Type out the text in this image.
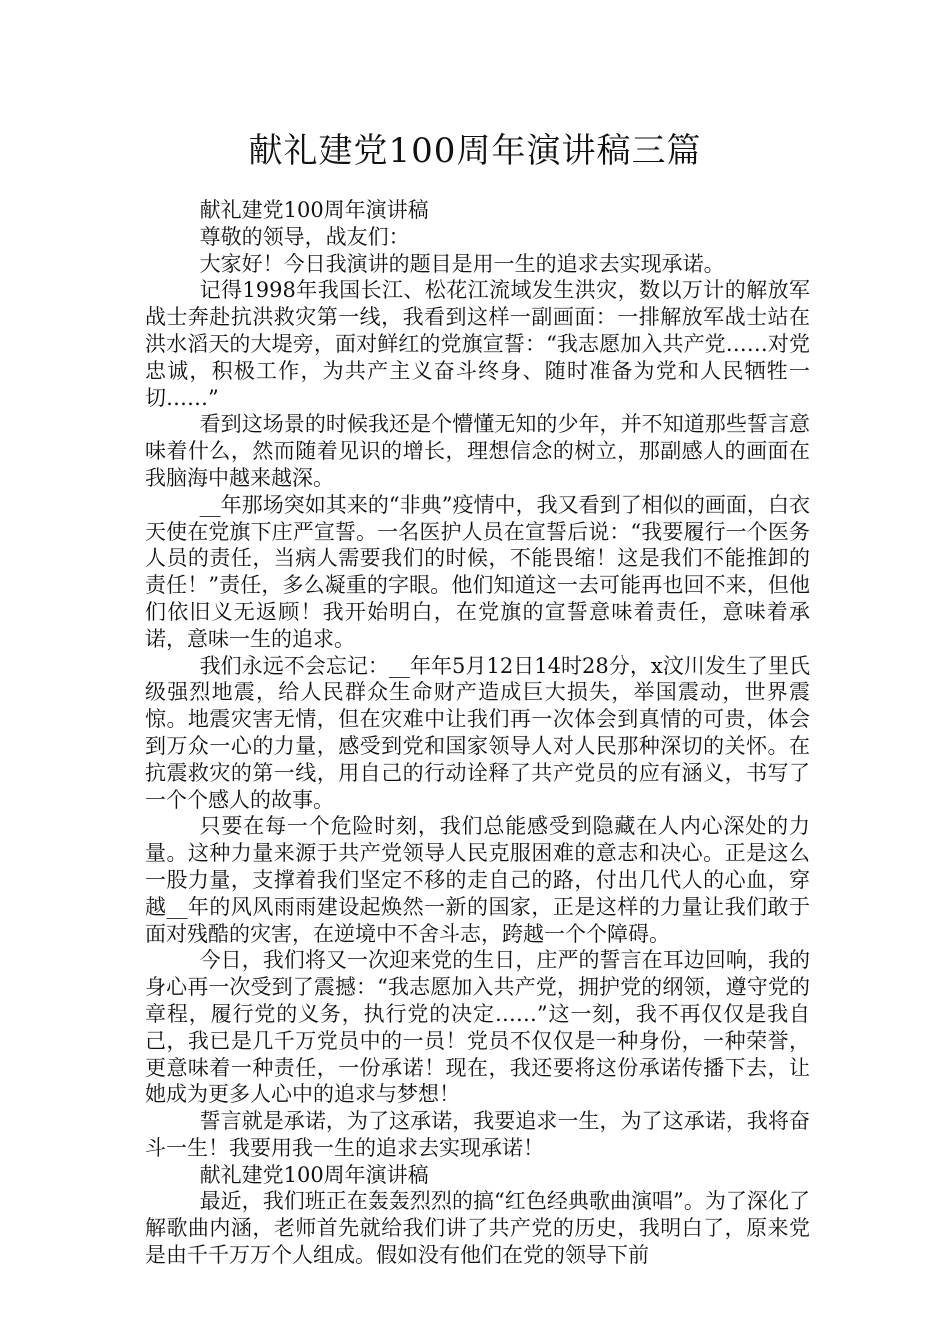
献礼建党100周年演讲稿三篇

献礼建党100周年演讲稿

尊敬的领导，战友们：

大家好！今日我演讲的题目是用一生的追求去实现承诺。

记得1998年我国长江、松花江流域发生洪灾，数以万计的解放军战士奔赴抗洪救灾第一线，我看到这样一副画面：一排解放军战士站在洪水滔天的大堤旁，面对鲜红的党旗宣誓：“我志愿加入共产党……对党忠诚，积极工作，为共产主义奋斗终身、随时准备为党和人民牺牲一切……”

看到这场景的时候我还是个懵懂无知的少年，并不知道那些誓言意味着什么，然而随着见识的增长，理想信念的树立，那副感人的画面在我脑海中越来越深。

__年那场突如其来的“非典”疫情中，我又看到了相似的画面，白衣天使在党旗下庄严宣誓。一名医护人员在宣誓后说：“我要履行一个医务人员的责任，当病人需要我们的时候，不能畏缩！这是我们不能推卸的责任！”责任，多么凝重的字眼。他们知道这一去可能再也回不来，但他们依旧义无返顾！我开始明白，在党旗的宣誓意味着责任，意味着承诺，意味一生的追求。

我们永远不会忘记：__年年5月12日14时28分，x汶川发生了里氏级强烈地震，给人民群众生命财产造成巨大损失，举国震动，世界震惊。地震灾害无情，但在灾难中让我们再一次体会到真情的可贵，体会到万众一心的力量，感受到党和国家领导人对人民那种深切的关怀。在抗震救灾的第一线，用自己的行动诠释了共产党员的应有涵义，书写了一个个感人的故事。

只要在每一个危险时刻，我们总能感受到隐藏在人内心深处的力量。这种力量来源于共产党领导人民克服困难的意志和决心。正是这么一股力量，支撑着我们坚定不移的走自己的路，付出几代人的心血，穿越__年的风风雨雨建设起焕然一新的国家，正是这样的力量让我们敢于面对残酷的灾害，在逆境中不舍斗志，跨越一个个障碍。

今日，我们将又一次迎来党的生日，庄严的誓言在耳边回响，我的身心再一次受到了震撼：“我志愿加入共产党，拥护党的纲领，遵守党的章程，履行党的义务，执行党的决定……”这一刻，我不再仅仅是我自己，我已是几千万党员中的一员！党员不仅仅是一种身份，一种荣誉，更意味着一种责任，一份承诺！现在，我还要将这份承诺传播下去，让她成为更多人心中的追求与梦想！

誓言就是承诺，为了这承诺，我要追求一生，为了这承诺，我将奋斗一生！我要用我一生的追求去实现承诺！

献礼建党100周年演讲稿

最近，我们班正在轰轰烈烈的搞“红色经典歌曲演唱”。为了深化了解歌曲内涵，老师首先就给我们讲了共产党的历史，我明白了，原来党是由千千万万个人组成。假如没有他们在党的领导下前
